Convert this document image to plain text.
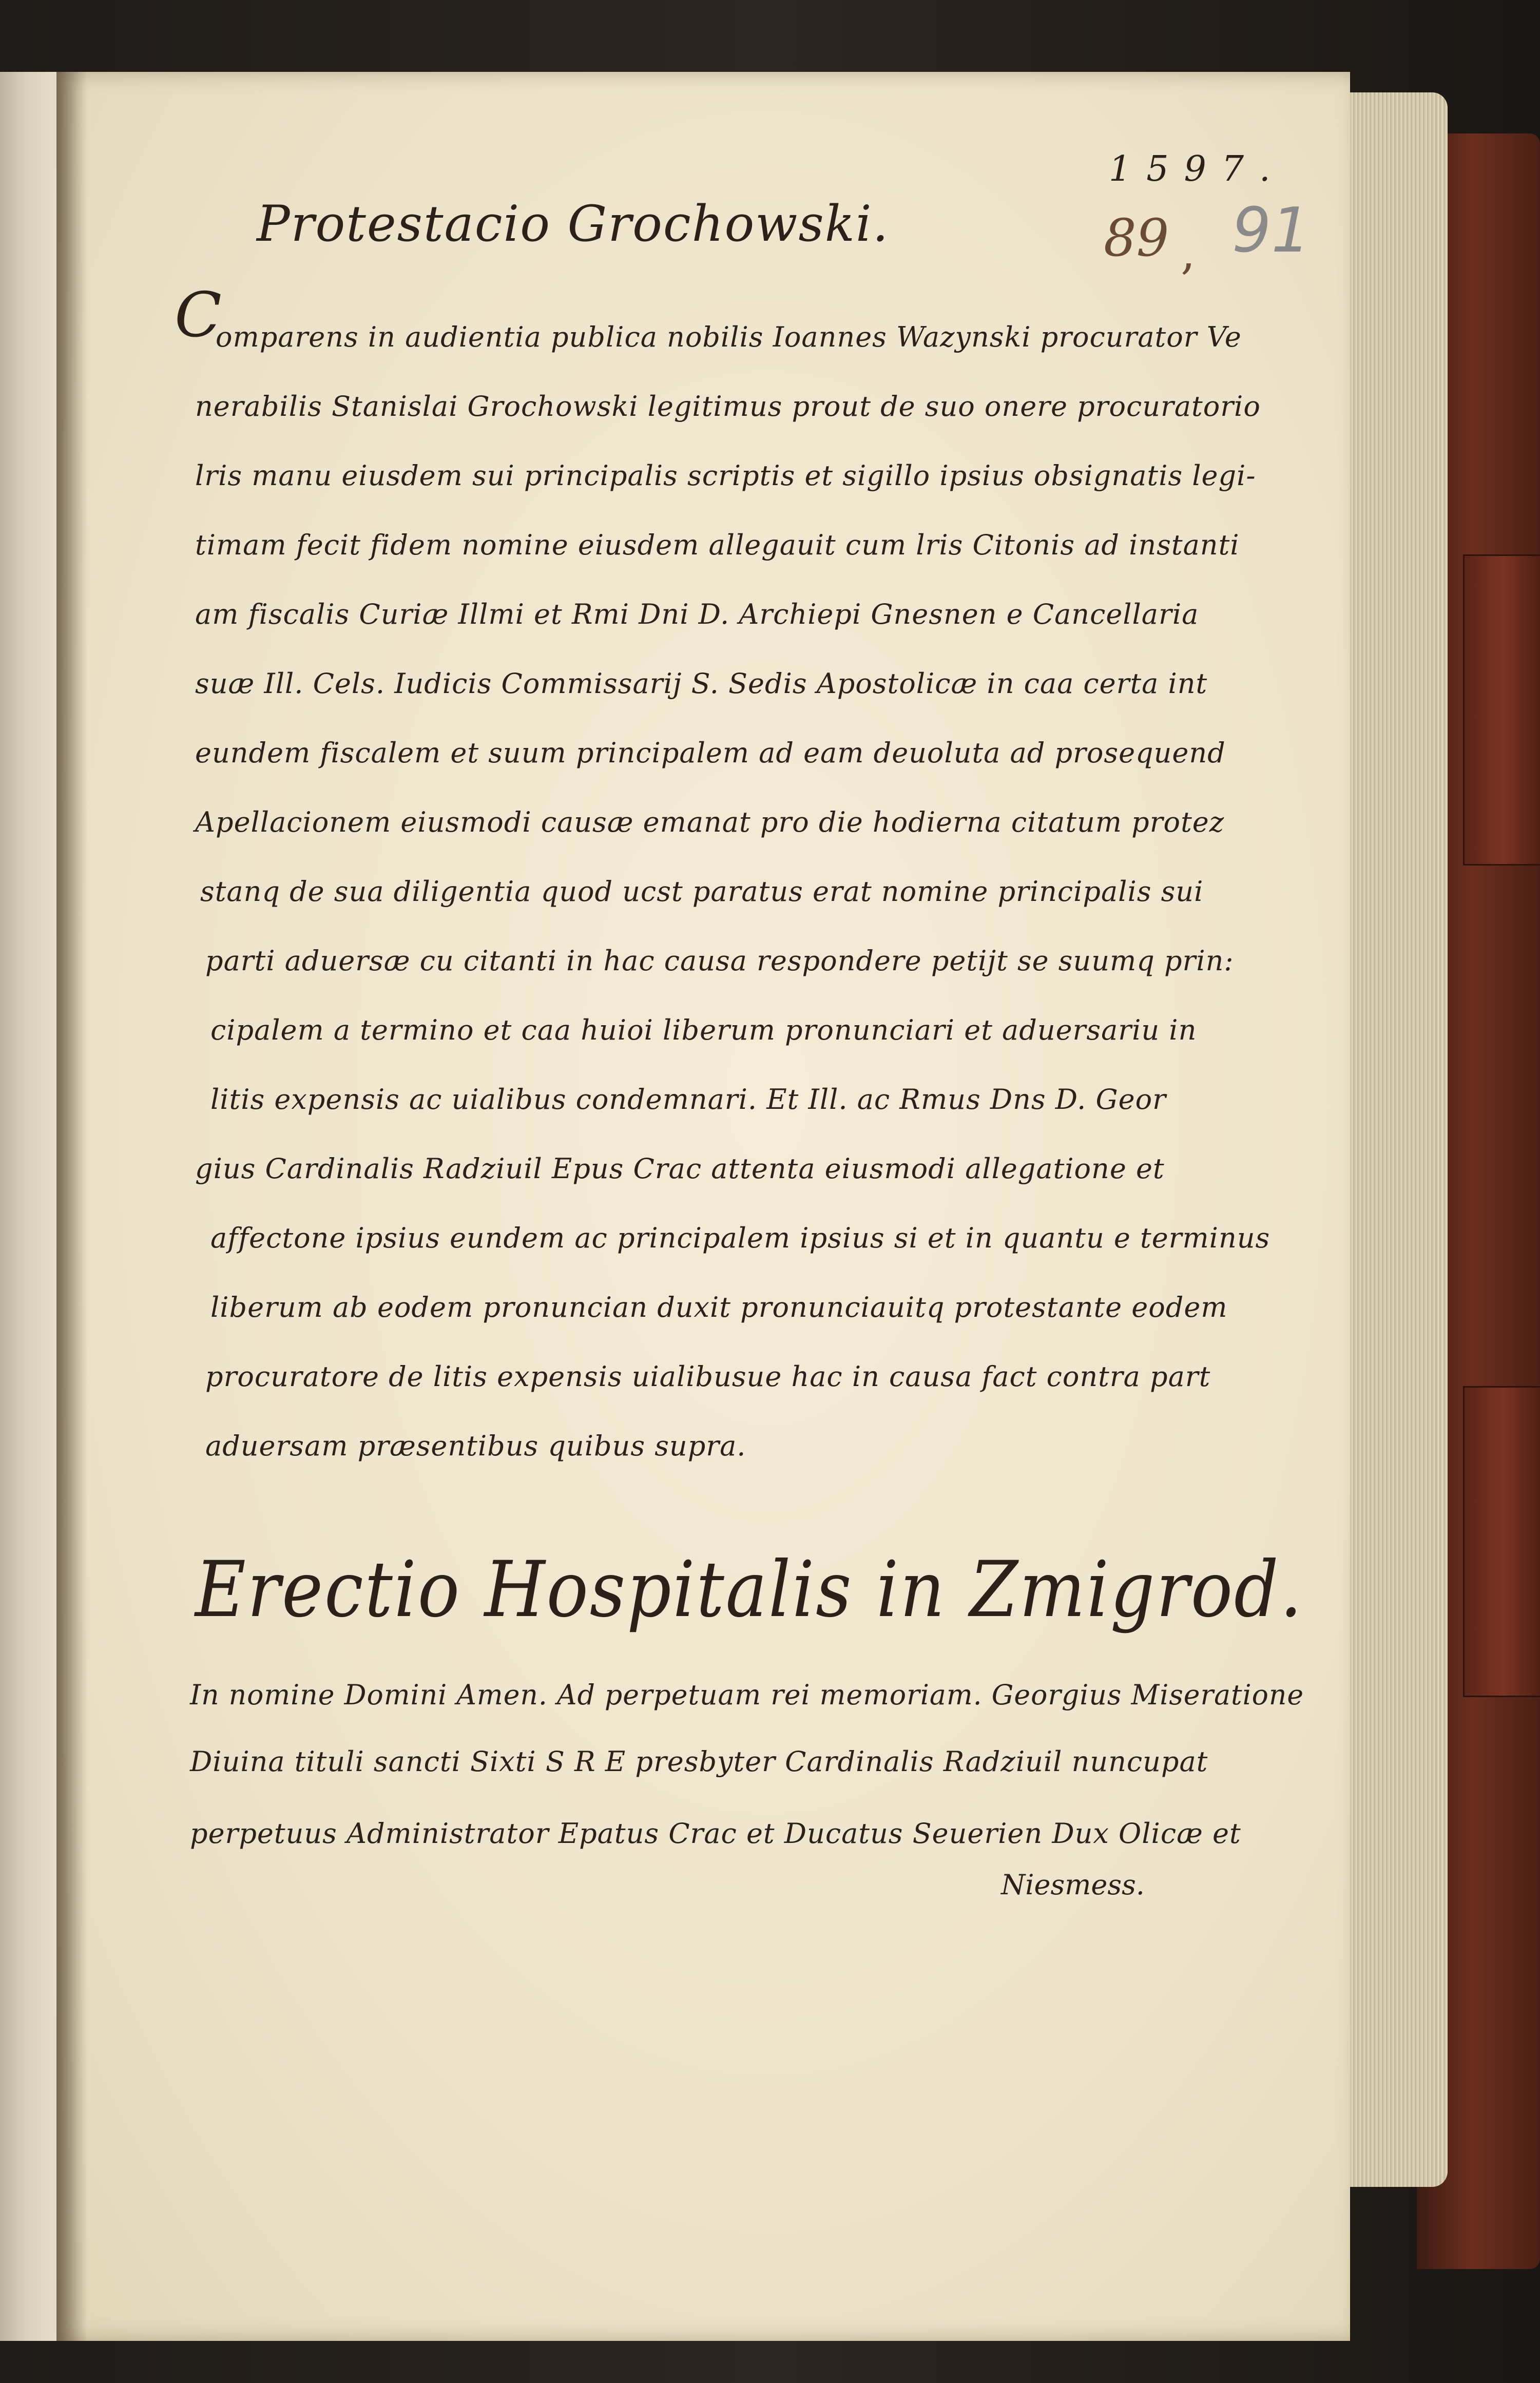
1597.
Protestacio Grochowski.	89 , 91
C
omparens in audientia publica nobilis Ioannes Wazynski procurator Ve
nerabilis Stanislai Grochowski legitimus prout de suo onere procuratorio
lris manu eiusdem sui principalis scriptis et sigillo ipsius obsignatis legi-
timam fecit fidem nomine eiusdem allegauit cum lris Citonis ad instanti
am fiscalis Curiæ Illmi et Rmi Dni D. Archiepi Gnesnen e Cancellaria
suæ Ill. Cels. Iudicis Commissarij S. Sedis Apostolicæ in caa certa int
eundem fiscalem et suum principalem ad eam deuoluta ad prosequend
Apellacionem eiusmodi causæ emanat pro die hodierna citatum protez
stanq de sua diligentia quod ucst paratus erat nomine principalis sui
parti aduersæ cu citanti in hac causa respondere petijt se suumq prin:
cipalem a termino et caa huioi liberum pronunciari et aduersariu in
litis expensis ac uialibus condemnari. Et Ill. ac Rmus Dns D. Geor
gius Cardinalis Radziuil Epus Crac attenta eiusmodi allegatione et
affectone ipsius eundem ac principalem ipsius si et in quantu e terminus
liberum ab eodem pronuncian duxit pronunciauitq protestante eodem
procuratore de litis expensis uialibusue hac in causa fact contra part
aduersam præsentibus quibus supra.
Erectio Hospitalis in Zmigrod.
In nomine Domini Amen. Ad perpetuam rei memoriam. Georgius Miseratione
Diuina tituli sancti Sixti S R E presbyter Cardinalis Radziuil nuncupat
perpetuus Administrator Epatus Crac et Ducatus Seuerien Dux Olicæ et
Niesmess.
